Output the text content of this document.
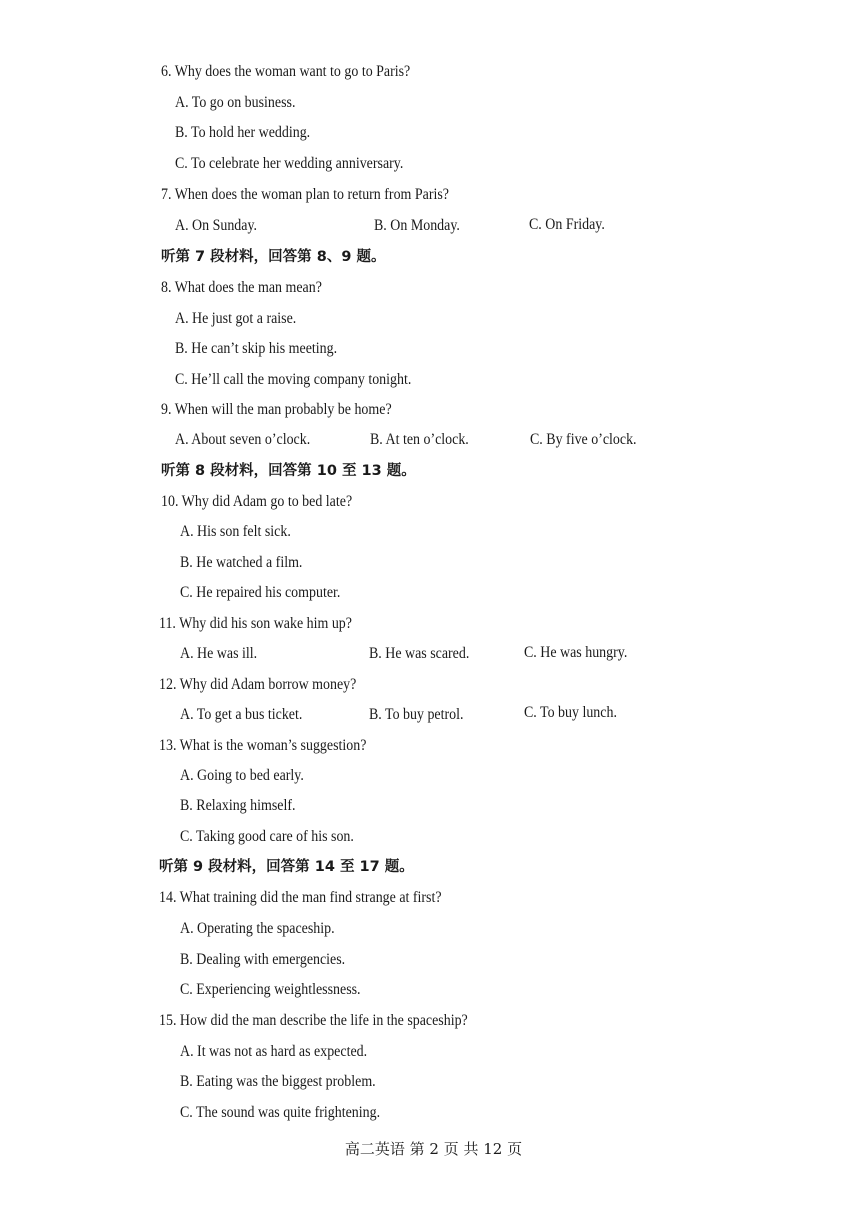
6. Why does the woman want to go to Paris?
A. To go on business.
B. To hold her wedding.
C. To celebrate her wedding anniversary.
7. When does the woman plan to return from Paris?
A. On Sunday.	B. On Monday.	C. On Friday.
听第 7 段材料，回答第 8、9 题。
8. What does the man mean?
A. He just got a raise.
B. He can’t skip his meeting.
C. He’ll call the moving company tonight.
9. When will the man probably be home?
A. About seven o’clock.	B. At ten o’clock.	C. By five o’clock.
听第 8 段材料，回答第 10 至 13 题。
10. Why did Adam go to bed late?
A. His son felt sick.
B. He watched a film.
C. He repaired his computer.
11. Why did his son wake him up?
A. He was ill.	B. He was scared.	C. He was hungry.
12. Why did Adam borrow money?
A. To get a bus ticket.	B. To buy petrol.	C. To buy lunch.
13. What is the woman’s suggestion?
A. Going to bed early.
B. Relaxing himself.
C. Taking good care of his son.
听第 9 段材料，回答第 14 至 17 题。
14. What training did the man find strange at first?
A. Operating the spaceship.
B. Dealing with emergencies.
C. Experiencing weightlessness.
15. How did the man describe the life in the spaceship?
A. It was not as hard as expected.
B. Eating was the biggest problem.
C. The sound was quite frightening.
高二英语 第 2 页 共 12 页
